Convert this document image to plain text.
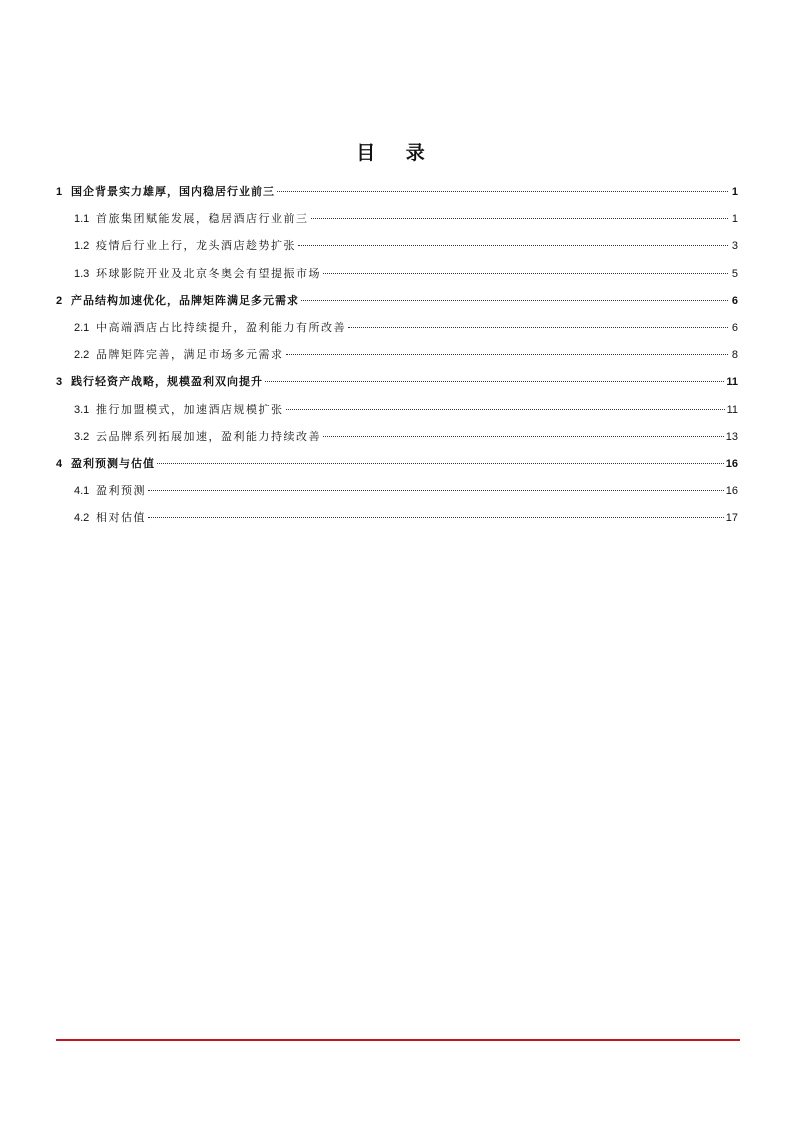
目 录
1 国企背景实力雄厚，国内稳居行业前三	1
1.1 首旅集团赋能发展，稳居酒店行业前三	1
1.2 疫情后行业上行，龙头酒店趁势扩张	3
1.3 环球影院开业及北京冬奥会有望提振市场	5
2 产品结构加速优化，品牌矩阵满足多元需求	6
2.1 中高端酒店占比持续提升，盈利能力有所改善	6
2.2 品牌矩阵完善，满足市场多元需求	8
3 践行轻资产战略，规模盈利双向提升	11
3.1 推行加盟模式，加速酒店规模扩张	11
3.2 云品牌系列拓展加速，盈利能力持续改善	13
4 盈利预测与估值	16
4.1 盈利预测	16
4.2 相对估值	17
